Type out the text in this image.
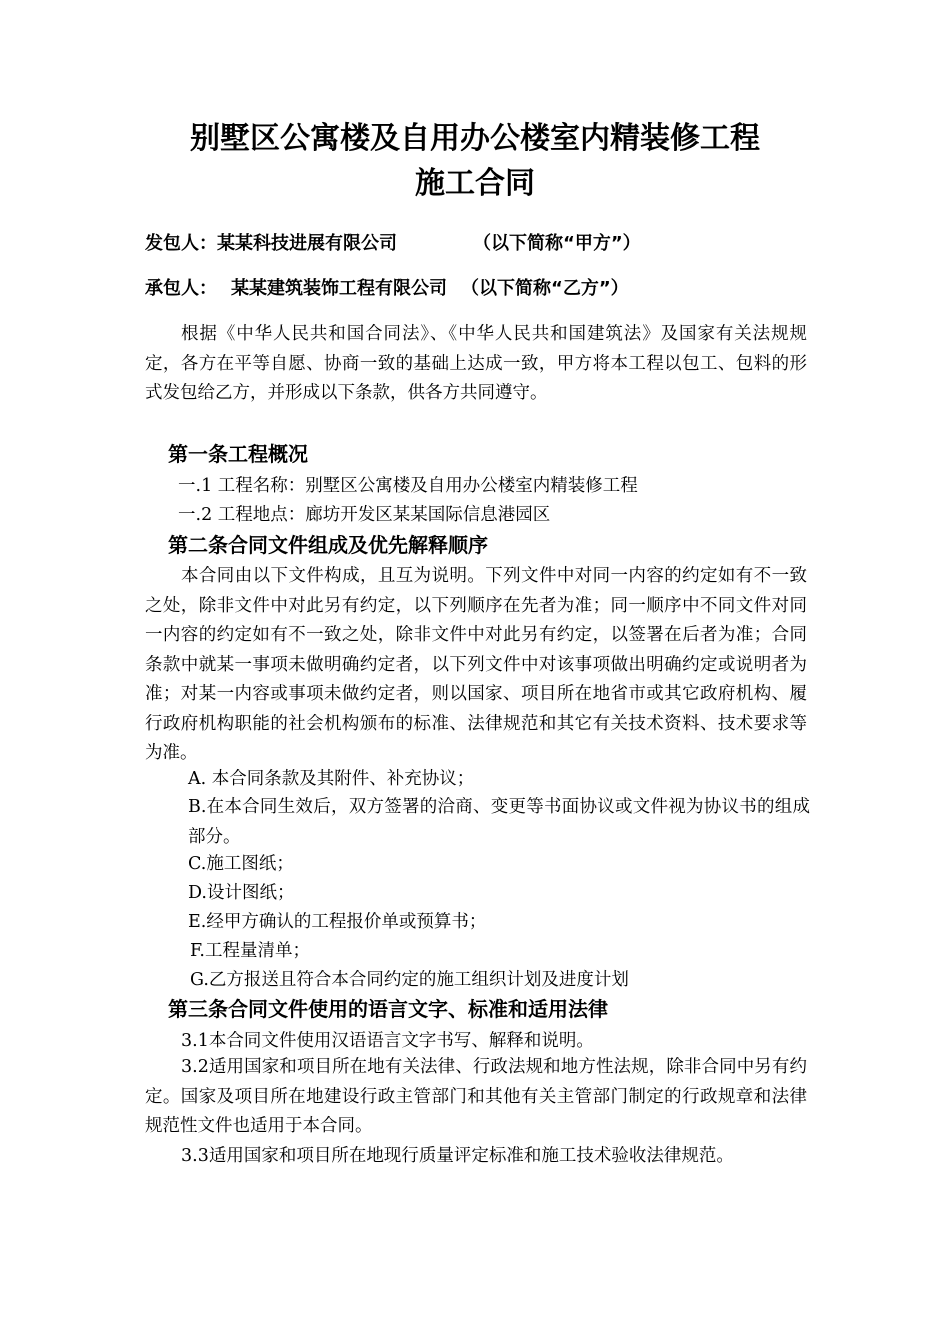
别墅区公寓楼及自用办公楼室内精装修工程
施工合同
发包人：某某科技进展有限公司	（以下简称“甲方”）
承包人： 某某建筑装饰工程有限公司 （以下简称“乙方”）

根据《中华人民共和国合同法》、《中华人民共和国建筑法》及国家有关法规规定，各方在平等自愿、协商一致的基础上达成一致，甲方将本工程以包工、包料的形式发包给乙方，并形成以下条款，供各方共同遵守。

第一条工程概况

一.1 工程名称：别墅区公寓楼及自用办公楼室内精装修工程

一.2 工程地点：廊坊开发区某某国际信息港园区

第二条合同文件组成及优先解释顺序

本合同由以下文件构成，且互为说明。下列文件中对同一内容的约定如有不一致之处，除非文件中对此另有约定，以下列顺序在先者为准；同一顺序中不同文件对同一内容的约定如有不一致之处，除非文件中对此另有约定，以签署在后者为准；合同条款中就某一事项未做明确约定者，以下列文件中对该事项做出明确约定或说明者为准；对某一内容或事项未做约定者，则以国家、项目所在地省市或其它政府机构、履行政府机构职能的社会机构颁布的标准、法律规范和其它有关技术资料、技术要求等为准。

A. 本合同条款及其附件、补充协议；

B.在本合同生效后，双方签署的洽商、变更等书面协议或文件视为协议书的组成部分。

C.施工图纸；

D.设计图纸；

E.经甲方确认的工程报价单或预算书；

F.工程量清单；

G.乙方报送且符合本合同约定的施工组织计划及进度计划

第三条合同文件使用的语言文字、标准和适用法律

3.1本合同文件使用汉语语言文字书写、解释和说明。

3.2适用国家和项目所在地有关法律、行政法规和地方性法规，除非合同中另有约定。国家及项目所在地建设行政主管部门和其他有关主管部门制定的行政规章和法律规范性文件也适用于本合同。

3.3适用国家和项目所在地现行质量评定标准和施工技术验收法律规范。
